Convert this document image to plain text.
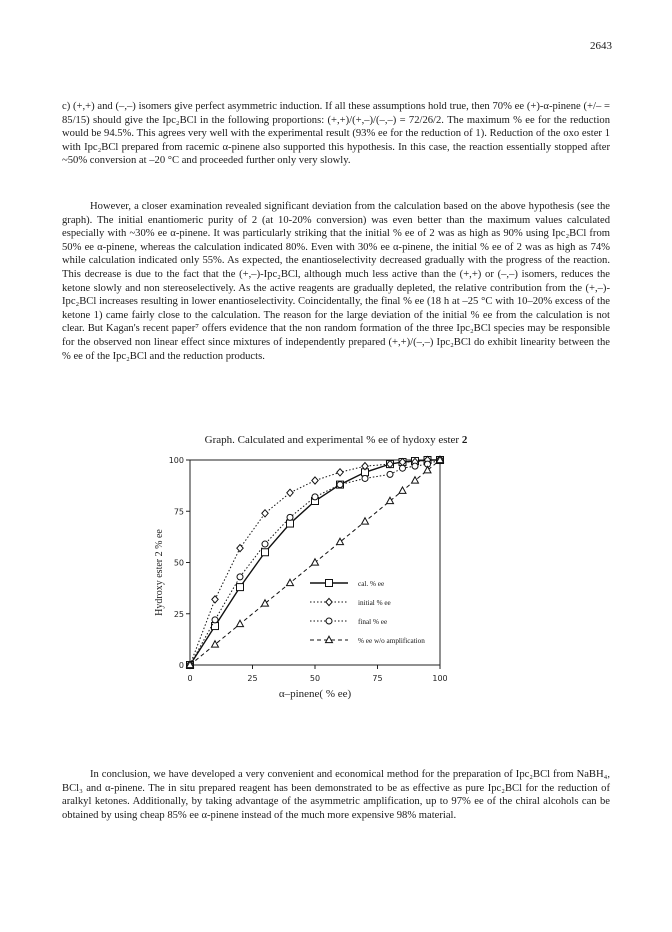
2643

c) (+,+) and (–,–) isomers give perfect asymmetric induction. If all these assumptions hold true, then 70% ee (+)-α-pinene (+/– = 85/15) should give the Ipc₂BCl in the following proportions: (+,+)/(+,–)/(–,–) = 72/26/2. The maximum % ee for the reduction would be 94.5%. This agrees very well with the experimental result (93% ee for the reduction of 1). Reduction of the oxo ester 1 with Ipc₂BCl prepared from racemic α-pinene also supported this hypothesis. In this case, the reaction essentially stopped after ~50% conversion at –20 °C and proceeded further only very slowly.

However, a closer examination revealed significant deviation from the calculation based on the above hypothesis (see the graph). The initial enantiomeric purity of 2 (at 10-20% conversion) was even better than the maximum values calculated especially with ~30% ee α-pinene. It was particularly striking that the initial % ee of 2 was as high as 90% using Ipc₂BCl from 50% ee α-pinene, whereas the calculation indicated 80%. Even with 30% ee α-pinene, the initial % ee of 2 was as high as 74% while calculation indicated only 55%. As expected, the enantioselectivity decreased gradually with the progress of the reaction. This decrease is due to the fact that the (+,–)-Ipc₂BCl, although much less active than the (+,+) or (–,–) isomers, reduces the ketone slowly and non stereoselectively. As the active reagents are gradually depleted, the relative contribution from the (+,–)-Ipc₂BCl increases resulting in lower enantioselectivity. Coincidentally, the final % ee (18 h at –25 °C with 10–20% excess of the ketone 1) came fairly close to the calculation. The reason for the large deviation of the initial % ee from the calculation is not clear. But Kagan's recent paper⁷ offers evidence that the non random formation of the three Ipc₂BCl species may be responsible for the observed non linear effect since mixtures of independently prepared (+,+)/(–,–) Ipc₂BCl do exhibit linearity between the % ee of the Ipc₂BCl and the reduction products.

Graph. Calculated and experimental % ee of hydoxy ester 2
0
0
25
25
50
50
75
75
100
100
α–pinene( % ee)
Hydroxy ester 2 % ee	cal. % ee
initial % ee
final % ee
% ee w/o amplification

In conclusion, we have developed a very convenient and economical method for the preparation of Ipc₂BCl from NaBH₄, BCl₃ and α-pinene. The in situ prepared reagent has been demonstrated to be as effective as pure Ipc₂BCl for the reduction of aralkyl ketones. Additionally, by taking advantage of the asymmetric amplification, up to 97% ee of the chiral alcohols can be obtained by using cheap 85% ee α-pinene instead of the much more expensive 98% material.
